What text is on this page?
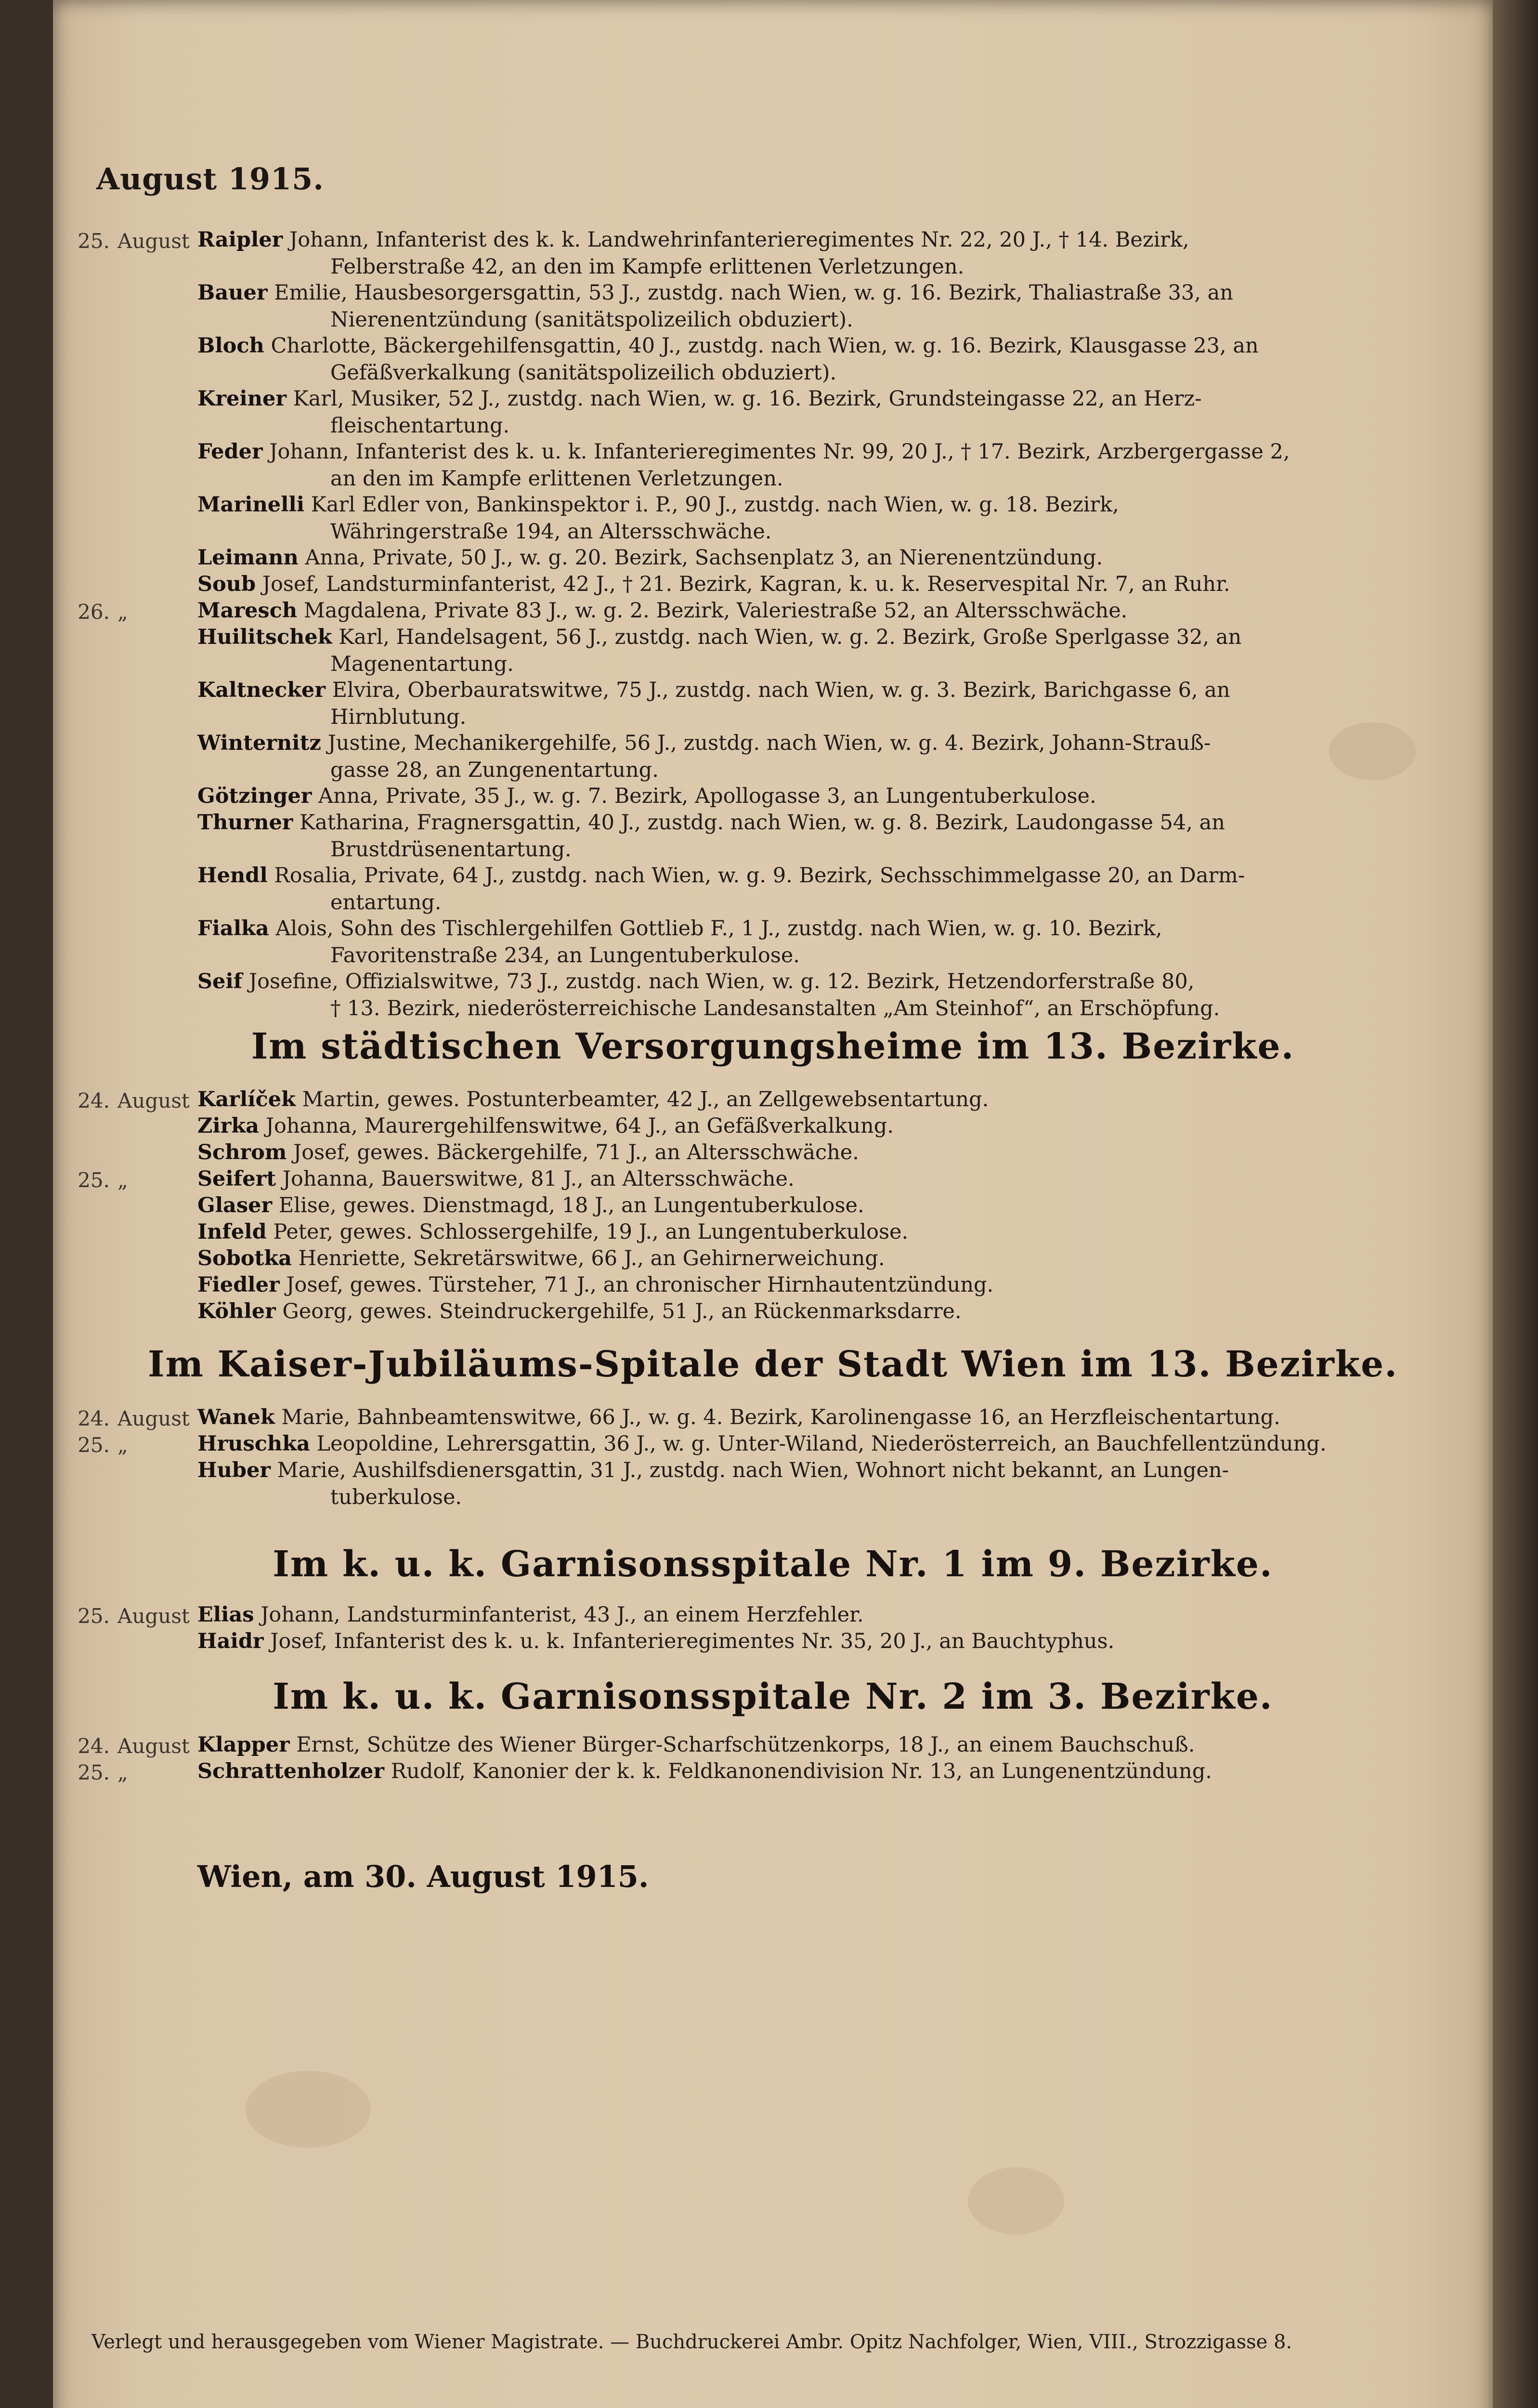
August 1915.
25. August Raipler Johann, Infanterist des k. k. Landwehrinfanterieregimentes Nr. 22, 20 J., † 14. Bezirk,
Felberstraße 42, an den im Kampfe erlittenen Verletzungen.
Bauer Emilie, Hausbesorgersgattin, 53 J., zustdg. nach Wien, w. g. 16. Bezirk, Thaliastraße 33, an
Nierenentzündung (sanitätspolizeilich obduziert).
Bloch Charlotte, Bäckergehilfensgattin, 40 J., zustdg. nach Wien, w. g. 16. Bezirk, Klausgasse 23, an
Gefäßverkalkung (sanitätspolizeilich obduziert).
Kreiner Karl, Musiker, 52 J., zustdg. nach Wien, w. g. 16. Bezirk, Grundsteingasse 22, an Herz-
fleischentartung.
Feder Johann, Infanterist des k. u. k. Infanterieregimentes Nr. 99, 20 J., † 17. Bezirk, Arzbergergasse 2,
an den im Kampfe erlittenen Verletzungen.
Marinelli Karl Edler von, Bankinspektor i. P., 90 J., zustdg. nach Wien, w. g. 18. Bezirk,
Währingerstraße 194, an Altersschwäche.
Leimann Anna, Private, 50 J., w. g. 20. Bezirk, Sachsenplatz 3, an Nierenentzündung.
Soub Josef, Landsturminfanterist, 42 J., † 21. Bezirk, Kagran, k. u. k. Reservespital Nr. 7, an Ruhr.
26. „	Maresch Magdalena, Private 83 J., w. g. 2. Bezirk, Valeriestraße 52, an Altersschwäche.
Huilitschek Karl, Handelsagent, 56 J., zustdg. nach Wien, w. g. 2. Bezirk, Große Sperlgasse 32, an
Magenentartung.
Kaltnecker Elvira, Oberbauratswitwe, 75 J., zustdg. nach Wien, w. g. 3. Bezirk, Barichgasse 6, an
Hirnblutung.
Winternitz Justine, Mechanikergehilfe, 56 J., zustdg. nach Wien, w. g. 4. Bezirk, Johann-Strauß-
gasse 28, an Zungenentartung.
Götzinger Anna, Private, 35 J., w. g. 7. Bezirk, Apollogasse 3, an Lungentuberkulose.
Thurner Katharina, Fragnersgattin, 40 J., zustdg. nach Wien, w. g. 8. Bezirk, Laudongasse 54, an
Brustdrüsenentartung.
Hendl Rosalia, Private, 64 J., zustdg. nach Wien, w. g. 9. Bezirk, Sechsschimmelgasse 20, an Darm-
entartung.
Fialka Alois, Sohn des Tischlergehilfen Gottlieb F., 1 J., zustdg. nach Wien, w. g. 10. Bezirk,
Favoritenstraße 234, an Lungentuberkulose.
Seif Josefine, Offizialswitwe, 73 J., zustdg. nach Wien, w. g. 12. Bezirk, Hetzendorferstraße 80,
† 13. Bezirk, niederösterreichische Landesanstalten „Am Steinhof“, an Erschöpfung.
Im städtischen Versorgungsheime im 13. Bezirke.
24. August Karlíček Martin, gewes. Postunterbeamter, 42 J., an Zellgewebsentartung.
Zirka Johanna, Maurergehilfenswitwe, 64 J., an Gefäßverkalkung.
Schrom Josef, gewes. Bäckergehilfe, 71 J., an Altersschwäche.
25. „	Seifert Johanna, Bauerswitwe, 81 J., an Altersschwäche.
Glaser Elise, gewes. Dienstmagd, 18 J., an Lungentuberkulose.
Infeld Peter, gewes. Schlossergehilfe, 19 J., an Lungentuberkulose.
Sobotka Henriette, Sekretärswitwe, 66 J., an Gehirnerweichung.
Fiedler Josef, gewes. Türsteher, 71 J., an chronischer Hirnhautentzündung.
Köhler Georg, gewes. Steindruckergehilfe, 51 J., an Rückenmarksdarre.
Im Kaiser-Jubiläums-Spitale der Stadt Wien im 13. Bezirke.
24. August Wanek Marie, Bahnbeamtenswitwe, 66 J., w. g. 4. Bezirk, Karolinengasse 16, an Herzfleischentartung.
25. „	Hruschka Leopoldine, Lehrersgattin, 36 J., w. g. Unter-Wiland, Niederösterreich, an Bauchfellentzündung.
Huber Marie, Aushilfsdienersgattin, 31 J., zustdg. nach Wien, Wohnort nicht bekannt, an Lungen-
tuberkulose.
Im k. u. k. Garnisonsspitale Nr. 1 im 9. Bezirke.
25. August Elias Johann, Landsturminfanterist, 43 J., an einem Herzfehler.
Haidr Josef, Infanterist des k. u. k. Infanterieregimentes Nr. 35, 20 J., an Bauchtyphus.
Im k. u. k. Garnisonsspitale Nr. 2 im 3. Bezirke.
24. August Klapper Ernst, Schütze des Wiener Bürger-Scharfschützenkorps, 18 J., an einem Bauchschuß.
25. „	Schrattenholzer Rudolf, Kanonier der k. k. Feldkanonendivision Nr. 13, an Lungenentzündung.
Wien, am 30. August 1915.
Verlegt und herausgegeben vom Wiener Magistrate. — Buchdruckerei Ambr. Opitz Nachfolger, Wien, VIII., Strozzigasse 8.
